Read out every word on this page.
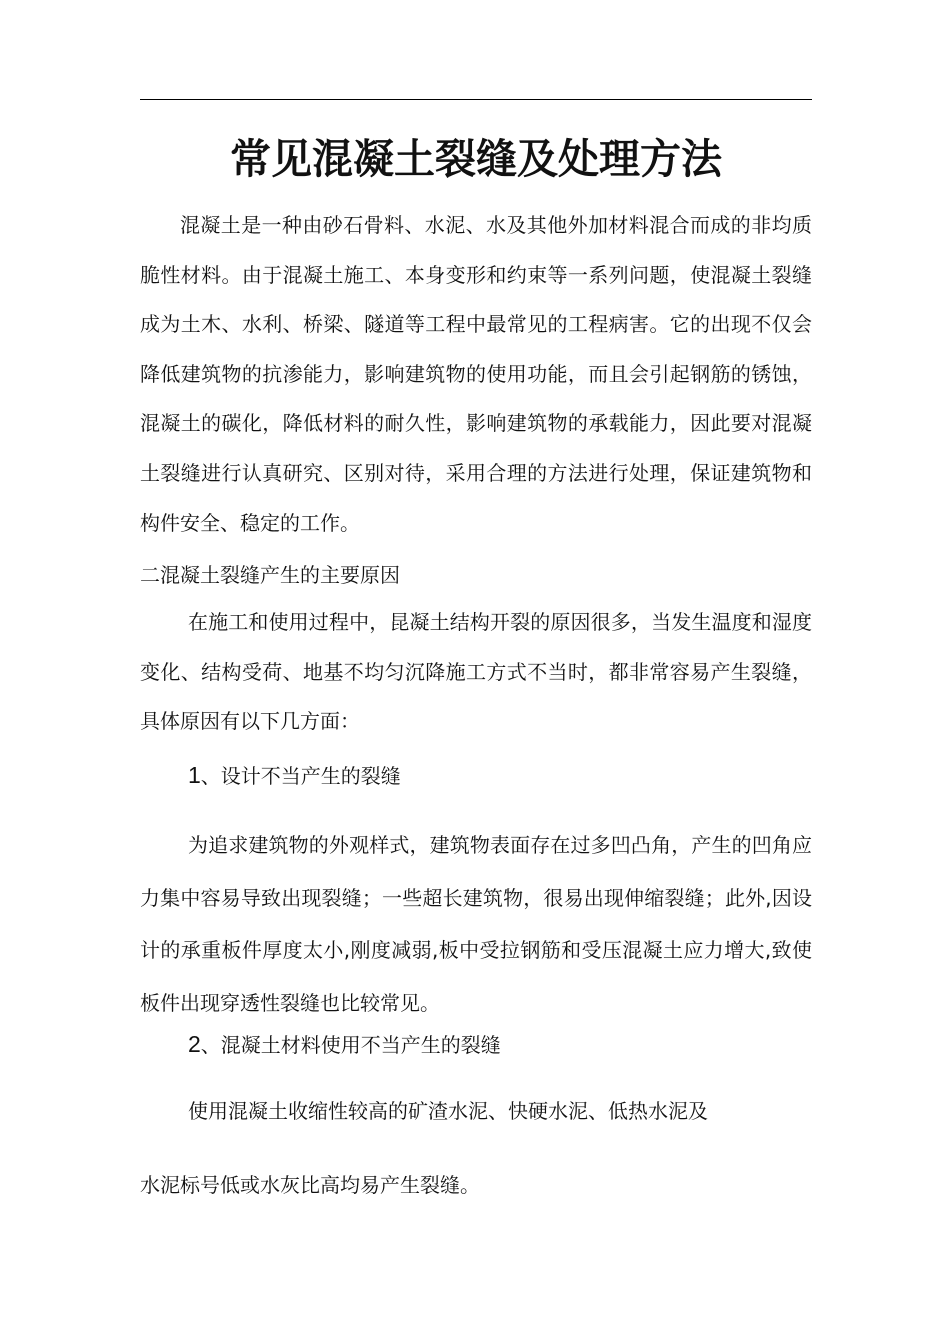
常见混凝土裂缝及处理方法

混凝土是一种由砂石骨料、水泥、水及其他外加材料混合而成的非均质脆性材料。由于混凝土施工、本身变形和约束等一系列问题，使混凝土裂缝成为土木、水利、桥梁、隧道等工程中最常见的工程病害。它的出现不仅会降低建筑物的抗渗能力，影响建筑物的使用功能，而且会引起钢筋的锈蚀，混凝土的碳化，降低材料的耐久性，影响建筑物的承载能力，因此要对混凝土裂缝进行认真研究、区别对待，采用合理的方法进行处理，保证建筑物和构件安全、稳定的工作。

二混凝土裂缝产生的主要原因

在施工和使用过程中，昆凝土结构开裂的原因很多，当发生温度和湿度变化、结构受荷、地基不均匀沉降施工方式不当时，都非常容易产生裂缝，具体原因有以下几方面：

1、设计不当产生的裂缝

为追求建筑物的外观样式，建筑物表面存在过多凹凸角，产生的凹角应力集中容易导致出现裂缝；一些超长建筑物，很易出现伸缩裂缝；此外,因设计的承重板件厚度太小,刚度减弱,板中受拉钢筋和受压混凝土应力增大,致使板件出现穿透性裂缝也比较常见。

2、混凝土材料使用不当产生的裂缝

使用混凝土收缩性较高的矿渣水泥、快硬水泥、低热水泥及

水泥标号低或水灰比高均易产生裂缝。
